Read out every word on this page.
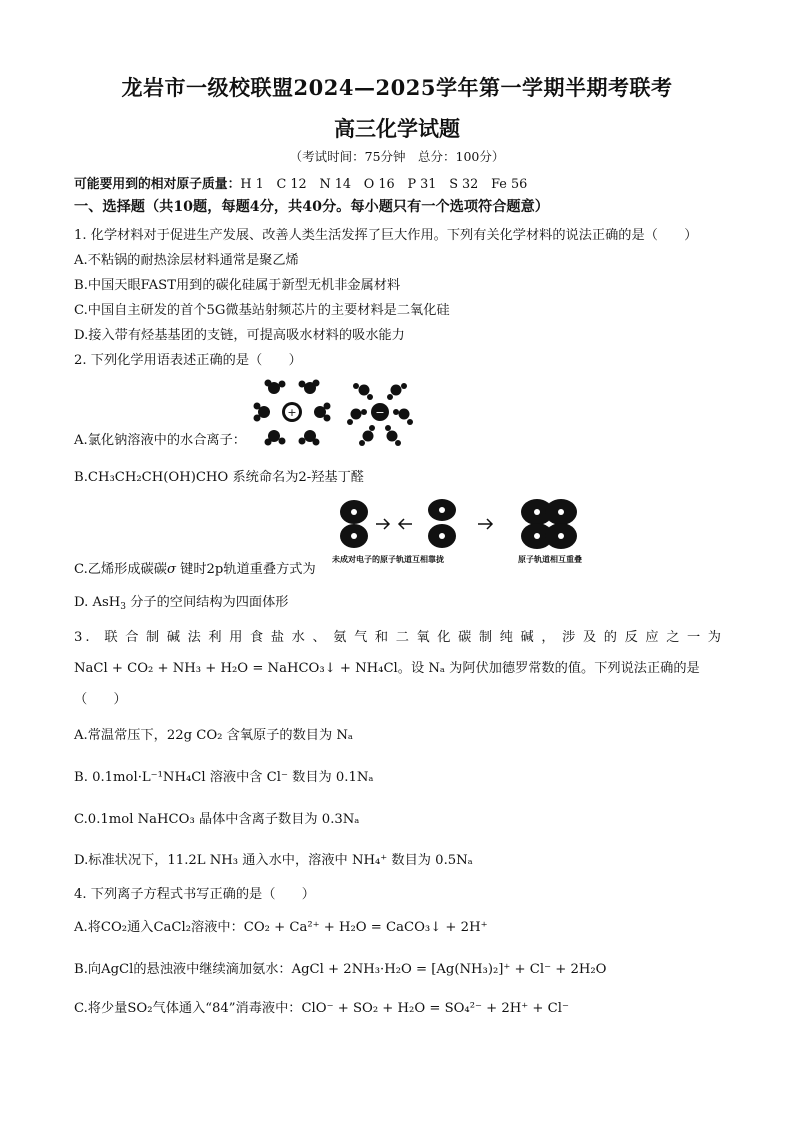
龙岩市一级校联盟2024—2025学年第一学期半期考联考
高三化学试题
（考试时间：75分钟　总分：100分）
可能要用到的相对原子质量：H 1　C 12　N 14　O 16　P 31　S 32　Fe 56
一、选择题（共10题，每题4分，共40分。每小题只有一个选项符合题意）
1. 化学材料对于促进生产发展、改善人类生活发挥了巨大作用。下列有关化学材料的说法正确的是（　　）
A.不粘锅的耐热涂层材料通常是聚乙烯
B.中国天眼FAST用到的碳化硅属于新型无机非金属材料
C.中国自主研发的首个5G微基站射频芯片的主要材料是二氧化硅
D.接入带有烃基基团的支链，可提高吸水材料的吸水能力
2. 下列化学用语表述正确的是（　　）
+	−
A.氯化钠溶液中的水合离子：
B.CH₃CH₂CH(OH)CHO 系统命名为2-羟基丁醛
未成对电子的原子轨道互相靠拢	原子轨道相互重叠
C.乙烯形成碳碳σ 键时2p轨道重叠方式为
D. AsH$_3$ 分子的空间结构为四面体形
3. 联合制碱法利用食盐水、氨气和二氧化碳制纯碱，涉及的反应之一为
NaCl + CO₂ + NH₃ + H₂O = NaHCO₃↓ + NH₄Cl。设 Nₐ 为阿伏加德罗常数的值。下列说法正确的是
（　　）
A.常温常压下，22g CO₂ 含氧原子的数目为 Nₐ
B. 0.1mol·L⁻¹NH₄Cl 溶液中含 Cl⁻ 数目为 0.1Nₐ
C.0.1mol NaHCO₃ 晶体中含离子数目为 0.3Nₐ
D.标准状况下，11.2L NH₃ 通入水中，溶液中 NH₄⁺ 数目为 0.5Nₐ
4. 下列离子方程式书写正确的是（　　）
A.将CO₂通入CaCl₂溶液中：CO₂ + Ca²⁺ + H₂O = CaCO₃↓ + 2H⁺
B.向AgCl的悬浊液中继续滴加氨水：AgCl + 2NH₃·H₂O = [Ag(NH₃)₂]⁺ + Cl⁻ + 2H₂O
C.将少量SO₂气体通入“84”消毒液中：ClO⁻ + SO₂ + H₂O = SO₄²⁻ + 2H⁺ + Cl⁻
